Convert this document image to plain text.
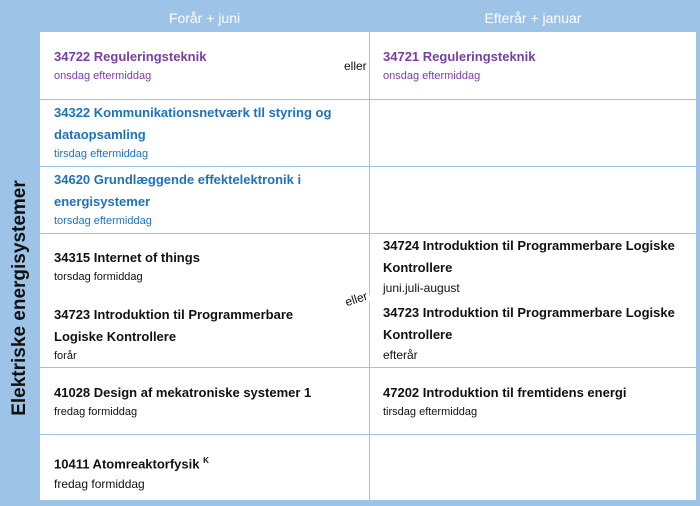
Forår + juni	Efterår + januar
Elektriske energisystemer
34722 Reguleringsteknik
onsdag eftermiddag
eller
34721 Reguleringsteknik
onsdag eftermiddag
34322 Kommunikationsnetværk tll styring og dataopsamling
tirsdag eftermiddag
34620 Grundlæggende effektelektronik i energisystemer
torsdag eftermiddag
34315 Internet of things
torsdag formiddag
34724 Introduktion til Programmerbare Logiske Kontrollere
juni.juli-august
eller
34723 Introduktion til Programmerbare Logiske Kontrollere
forår
34723 Introduktion til Programmerbare Logiske Kontrollere
efterår
41028 Design af mekatroniske systemer 1
fredag formiddag
47202 Introduktion til fremtidens energi
tirsdag eftermiddag
10411 Atomreaktorfysik $^K$
fredag formiddag
